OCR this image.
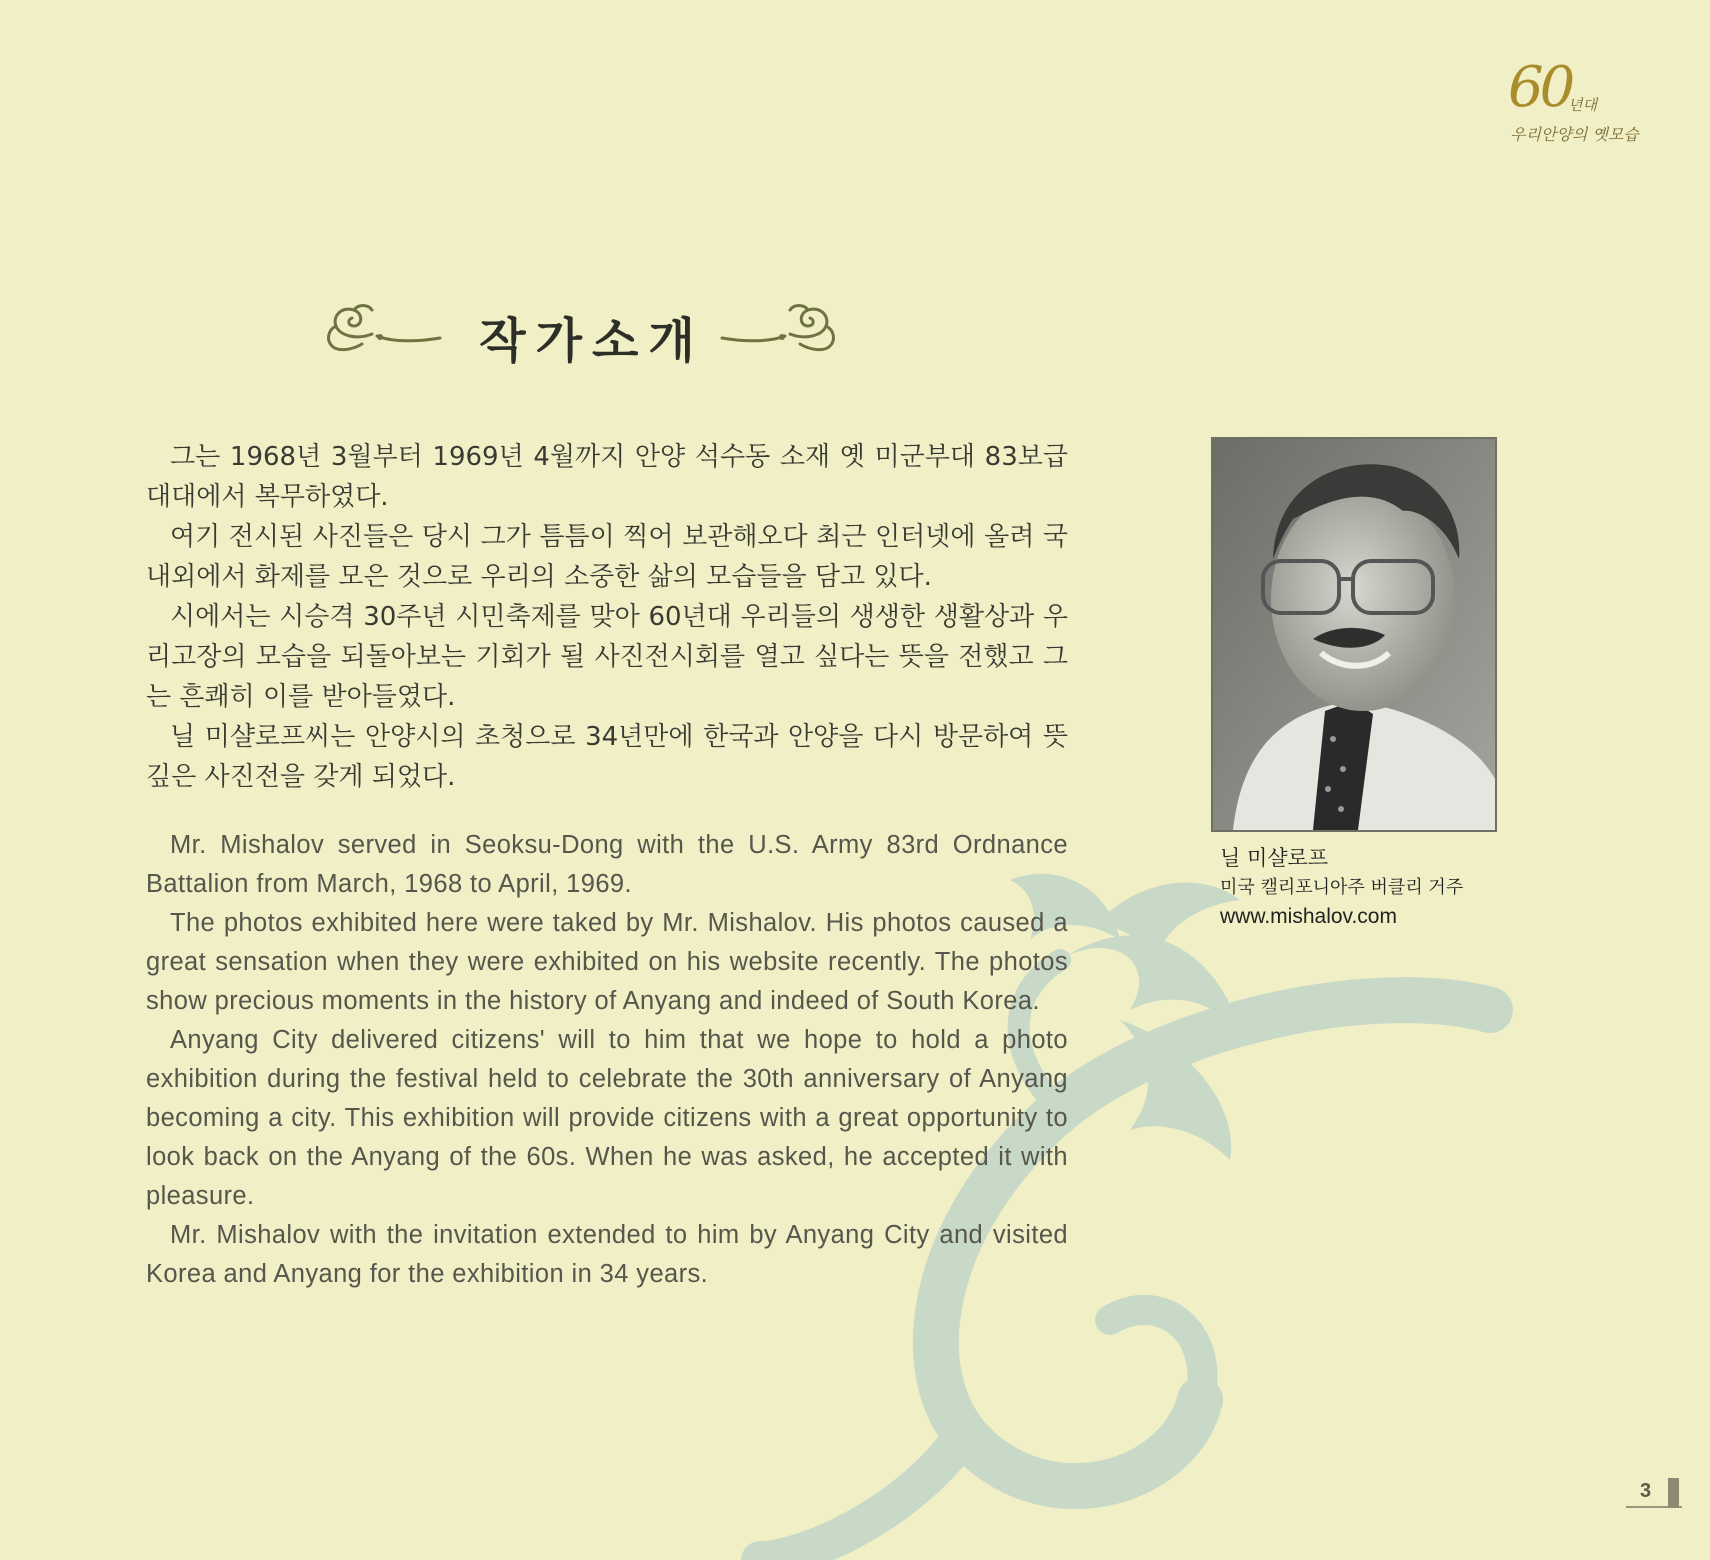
60
년대
우리안양의 옛모습
작가소개

그는 1968년 3월부터 1969년 4월까지 안양 석수동 소재 옛 미군부대 83보급대대에서 복무하였다.

여기 전시된 사진들은 당시 그가 틈틈이 찍어 보관해오다 최근 인터넷에 올려 국내외에서 화제를 모은 것으로 우리의 소중한 삶의 모습들을 담고 있다.

시에서는 시승격 30주년 시민축제를 맞아 60년대 우리들의 생생한 생활상과 우리고장의 모습을 되돌아보는 기회가 될 사진전시회를 열고 싶다는 뜻을 전했고 그는 흔쾌히 이를 받아들였다.

닐 미샬로프씨는 안양시의 초청으로 34년만에 한국과 안양을 다시 방문하여 뜻깊은 사진전을 갖게 되었다.

Mr. Mishalov served in Seoksu-Dong with the U.S. Army 83rd Ordnance Battalion from March, 1968 to April, 1969.

The photos exhibited here were taked by Mr. Mishalov. His photos caused a great sensation when they were exhibited on his website recently. The photos show precious moments in the history of Anyang and indeed of South Korea.

Anyang City delivered citizens' will to him that we hope to hold a photo exhibition during the festival held to celebrate the 30th anniversary of Anyang becoming a city. This exhibition will provide citizens with a great opportunity to look back on the Anyang of the 60s. When he was asked, he accepted it with pleasure.

Mr. Mishalov with the invitation extended to him by Anyang City and visited Korea and Anyang for the exhibition in 34 years.

닐 미샬로프
미국 캘리포니아주 버클리 거주
www.mishalov.com
3
